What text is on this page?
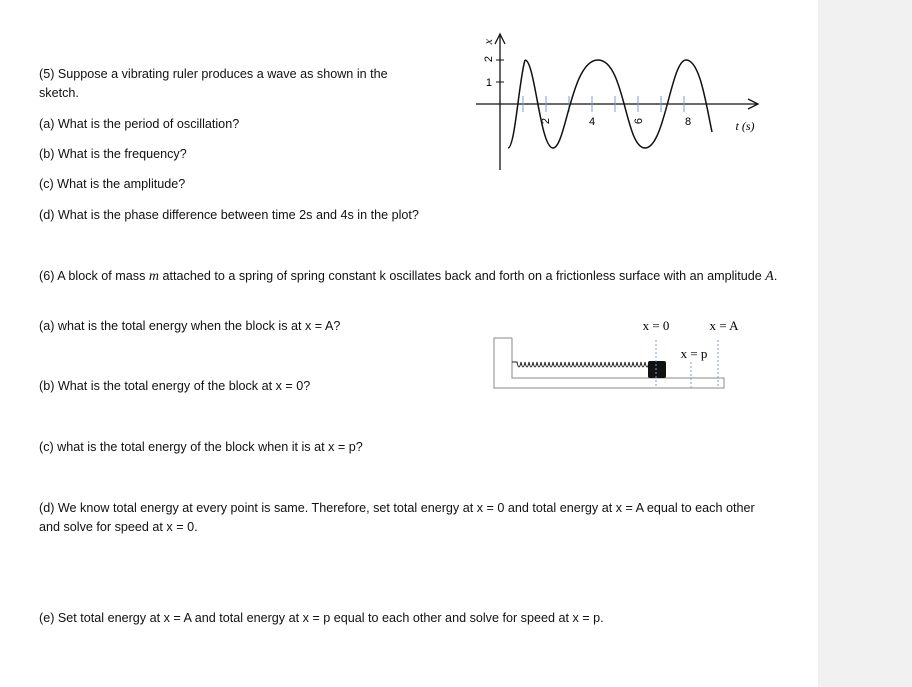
(5) Suppose a vibrating ruler produces a wave as shown in the sketch.
(a) What is the period of oscillation?
(b) What is the frequency?
(c) What is the amplitude?
(d) What is the phase difference between time 2s and 4s in the plot?
2
1
x
2	4	6	8	t (s)
(6) A block of mass m attached to a spring of spring constant k oscillates back and forth on a frictionless surface with an amplitude A.
(a) what is the total energy when the block is at x = A?
(b) What is the total energy of the block at x = 0?
(c) what is the total energy of the block when it is at x = p?
(d) We know total energy at every point is same. Therefore, set total energy at x = 0 and total energy at x = A equal to each other and solve for speed at x = 0.
(e) Set total energy at x = A and total energy at x = p equal to each other and solve for speed at x = p.
x = 0	x = A
x = p
